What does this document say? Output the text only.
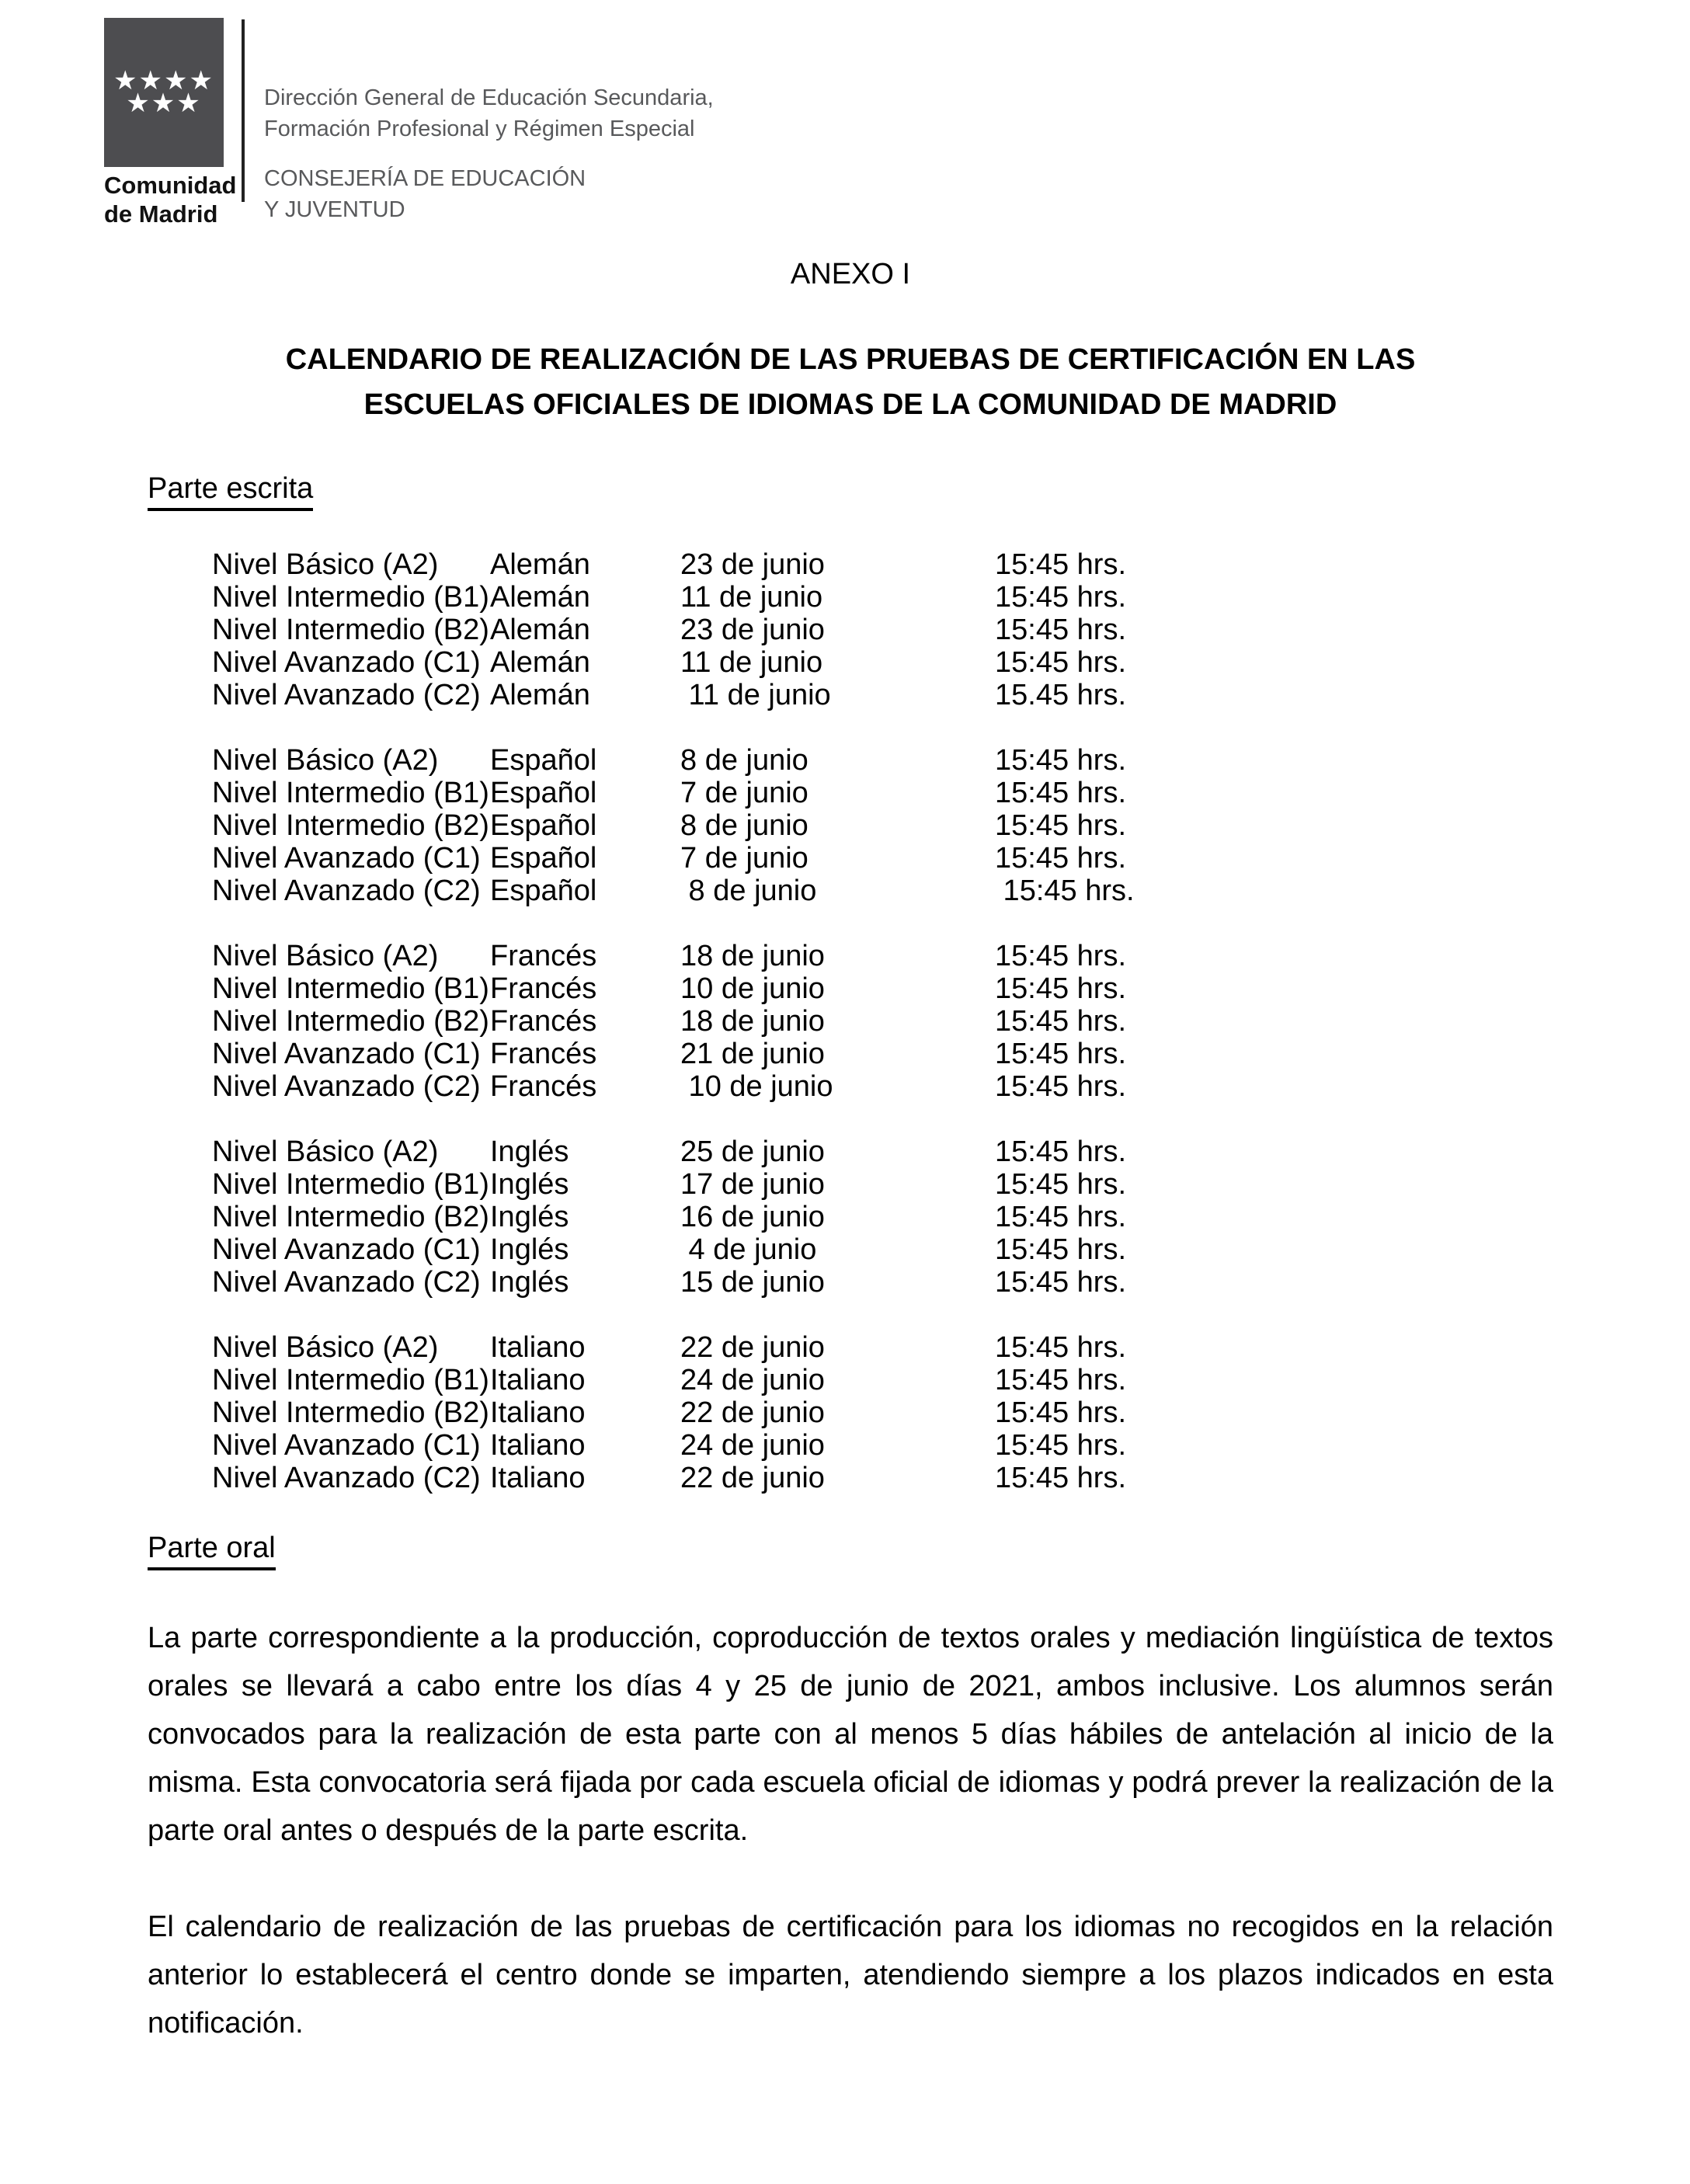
★★★★
★★★
Comunidad
de Madrid
Dirección General de Educación Secundaria,
Formación Profesional y Régimen Especial
CONSEJERÍA DE EDUCACIÓN
Y JUVENTUD
ANEXO I
CALENDARIO DE REALIZACIÓN DE LAS PRUEBAS DE CERTIFICACIÓN EN LAS
ESCUELAS OFICIALES DE IDIOMAS DE LA COMUNIDAD DE MADRID
Parte escrita
Nivel Básico (A2)	Alemán	23 de junio	15:45 hrs.
Nivel Intermedio (B1) Alemán	11 de junio	15:45 hrs.
Nivel Intermedio (B2) Alemán	23 de junio	15:45 hrs.
Nivel Avanzado (C1) Alemán	11 de junio	15:45 hrs.
Nivel Avanzado (C2) Alemán	11 de junio	15.45 hrs.
Nivel Básico (A2)	Español	8 de junio	15:45 hrs.
Nivel Intermedio (B1) Español	7 de junio	15:45 hrs.
Nivel Intermedio (B2) Español	8 de junio	15:45 hrs.
Nivel Avanzado (C1) Español	7 de junio	15:45 hrs.
Nivel Avanzado (C2) Español	8 de junio	15:45 hrs.
Nivel Básico (A2)	Francés	18 de junio	15:45 hrs.
Nivel Intermedio (B1) Francés	10 de junio	15:45 hrs.
Nivel Intermedio (B2) Francés	18 de junio	15:45 hrs.
Nivel Avanzado (C1) Francés	21 de junio	15:45 hrs.
Nivel Avanzado (C2) Francés	10 de junio	15:45 hrs.
Nivel Básico (A2)	Inglés	25 de junio	15:45 hrs.
Nivel Intermedio (B1) Inglés	17 de junio	15:45 hrs.
Nivel Intermedio (B2) Inglés	16 de junio	15:45 hrs.
Nivel Avanzado (C1) Inglés	4 de junio	15:45 hrs.
Nivel Avanzado (C2) Inglés	15 de junio	15:45 hrs.
Nivel Básico (A2)	Italiano	22 de junio	15:45 hrs.
Nivel Intermedio (B1) Italiano	24 de junio	15:45 hrs.
Nivel Intermedio (B2) Italiano	22 de junio	15:45 hrs.
Nivel Avanzado (C1) Italiano	24 de junio	15:45 hrs.
Nivel Avanzado (C2) Italiano	22 de junio	15:45 hrs.
Parte oral

La parte correspondiente a la producción, coproducción de textos orales y mediación lingüística de textos orales se llevará a cabo entre los días 4 y 25 de junio de 2021, ambos inclusive. Los alumnos serán convocados para la realización de esta parte con al menos 5 días hábiles de antelación al inicio de la misma. Esta convocatoria será fijada por cada escuela oficial de idiomas y podrá prever la realización de la parte oral antes o después de la parte escrita.

El calendario de realización de las pruebas de certificación para los idiomas no recogidos en la relación anterior lo establecerá el centro donde se imparten, atendiendo siempre a los plazos indicados en esta notificación.
